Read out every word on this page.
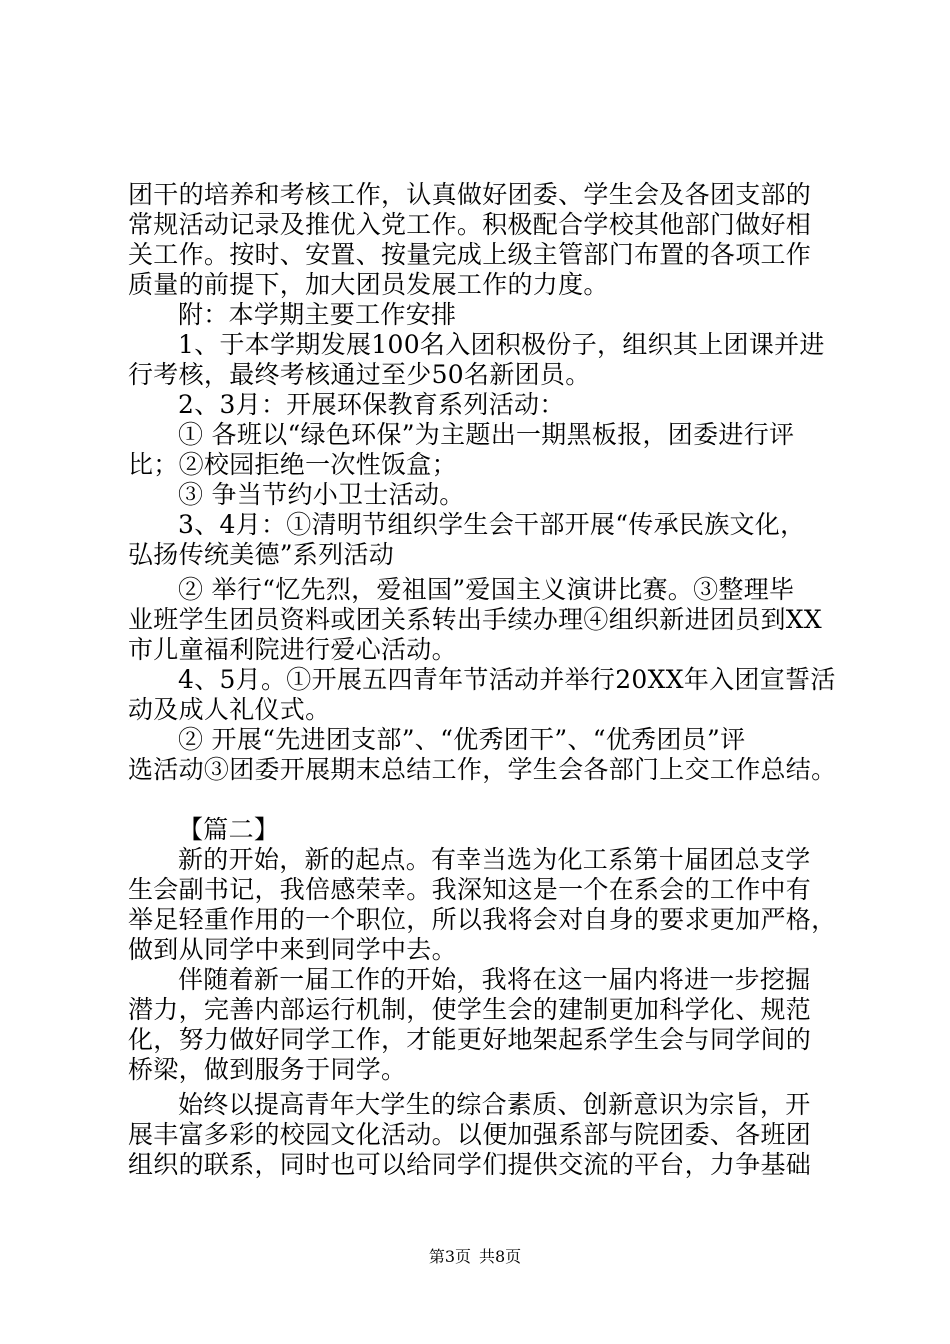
团干的培养和考核工作，认真做好团委、学生会及各团支部的
常规活动记录及推优入党工作。积极配合学校其他部门做好相
关工作。按时、安置、按量完成上级主管部门布置的各项工作
质量的前提下，加大团员发展工作的力度。
附：本学期主要工作安排
1、于本学期发展100名入团积极份子，组织其上团课并进
行考核，最终考核通过至少50名新团员。
2、3月：开展环保教育系列活动：
① 各班以“绿色环保”为主题出一期黑板报，团委进行评
比；②校园拒绝一次性饭盒；
③ 争当节约小卫士活动。
3、4月：①清明节组织学生会干部开展“传承民族文化，
弘扬传统美德”系列活动
② 举行“忆先烈，爱祖国”爱国主义演讲比赛。③整理毕
业班学生团员资料或团关系转出手续办理④组织新进团员到XX
市儿童福利院进行爱心活动。
4、5月。①开展五四青年节活动并举行20XX年入团宣誓活
动及成人礼仪式。
② 开展“先进团支部”、“优秀团干”、“优秀团员”评
选活动③团委开展期末总结工作，学生会各部门上交工作总结。
【篇二】
新的开始，新的起点。有幸当选为化工系第十届团总支学
生会副书记，我倍感荣幸。我深知这是一个在系会的工作中有
举足轻重作用的一个职位，所以我将会对自身的要求更加严格，
做到从同学中来到同学中去。
伴随着新一届工作的开始，我将在这一届内将进一步挖掘
潜力，完善内部运行机制，使学生会的建制更加科学化、规范
化，努力做好同学工作，才能更好地架起系学生会与同学间的
桥梁，做到服务于同学。
始终以提高青年大学生的综合素质、创新意识为宗旨，开
展丰富多彩的校园文化活动。以便加强系部与院团委、各班团
组织的联系，同时也可以给同学们提供交流的平台，力争基础
第3页 共8页
